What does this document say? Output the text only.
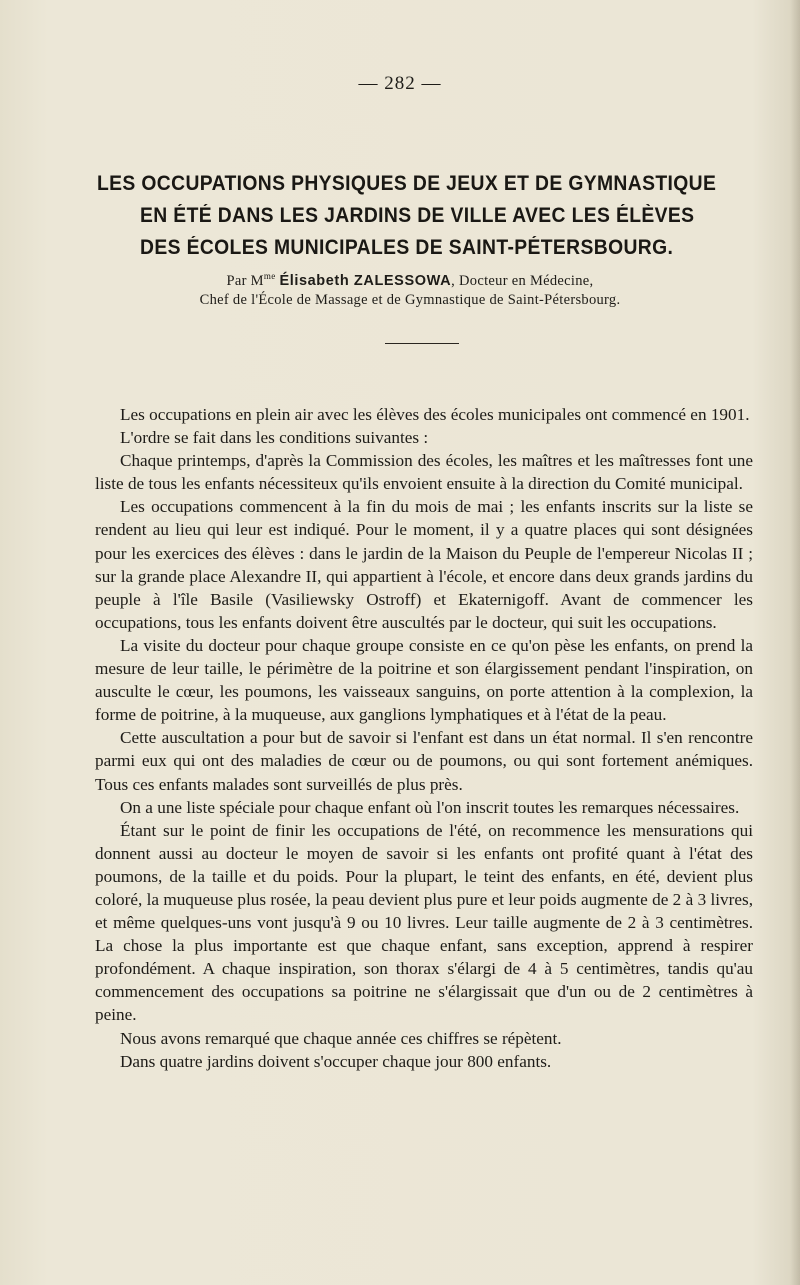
— 282 —
LES OCCUPATIONS PHYSIQUES DE JEUX ET DE GYMNASTIQUE
EN ÉTÉ DANS LES JARDINS DE VILLE AVEC LES ÉLÈVES
DES ÉCOLES MUNICIPALES DE SAINT-PÉTERSBOURG.
Par $M^{me}$ Élisabeth ZALESSOWA, Docteur en Médecine,
Chef de l'École de Massage et de Gymnastique de Saint-Pétersbourg.

Les occupations en plein air avec les élèves des écoles municipales ont commencé en 1901.

L'ordre se fait dans les conditions suivantes :

Chaque printemps, d'après la Commission des écoles, les maîtres et les maîtresses font une liste de tous les enfants nécessiteux qu'ils envoient ensuite à la direction du Comité municipal.

Les occupations commencent à la fin du mois de mai ; les enfants inscrits sur la liste se rendent au lieu qui leur est indiqué. Pour le moment, il y a quatre places qui sont désignées pour les exercices des élèves : dans le jardin de la Maison du Peuple de l'empereur Nicolas II ; sur la grande place Alexandre II, qui appartient à l'école, et encore dans deux grands jardins du peuple à l'île Basile (Vasiliewsky Ostroff) et Ekaternigoff. Avant de commencer les occupations, tous les enfants doivent être auscultés par le docteur, qui suit les occupations.

La visite du docteur pour chaque groupe consiste en ce qu'on pèse les enfants, on prend la mesure de leur taille, le périmètre de la poitrine et son élargissement pendant l'inspiration, on ausculte le cœur, les poumons, les vaisseaux sanguins, on porte attention à la complexion, la forme de poitrine, à la muqueuse, aux ganglions lymphatiques et à l'état de la peau.

Cette auscultation a pour but de savoir si l'enfant est dans un état normal. Il s'en rencontre parmi eux qui ont des maladies de cœur ou de poumons, ou qui sont fortement anémiques. Tous ces enfants malades sont surveillés de plus près.

On a une liste spéciale pour chaque enfant où l'on inscrit toutes les remarques nécessaires.

Étant sur le point de finir les occupations de l'été, on recommence les mensurations qui donnent aussi au docteur le moyen de savoir si les enfants ont profité quant à l'état des poumons, de la taille et du poids. Pour la plupart, le teint des enfants, en été, devient plus coloré, la muqueuse plus rosée, la peau devient plus pure et leur poids augmente de 2 à 3 livres, et même quelques-uns vont jusqu'à 9 ou 10 livres. Leur taille augmente de 2 à 3 centimètres. La chose la plus importante est que chaque enfant, sans exception, apprend à respirer profondément. A chaque inspiration, son thorax s'élargi de 4 à 5 centimètres, tandis qu'au commencement des occupations sa poitrine ne s'élargissait que d'un ou de 2 centimètres à peine.

Nous avons remarqué que chaque année ces chiffres se répètent.

Dans quatre jardins doivent s'occuper chaque jour 800 enfants.
